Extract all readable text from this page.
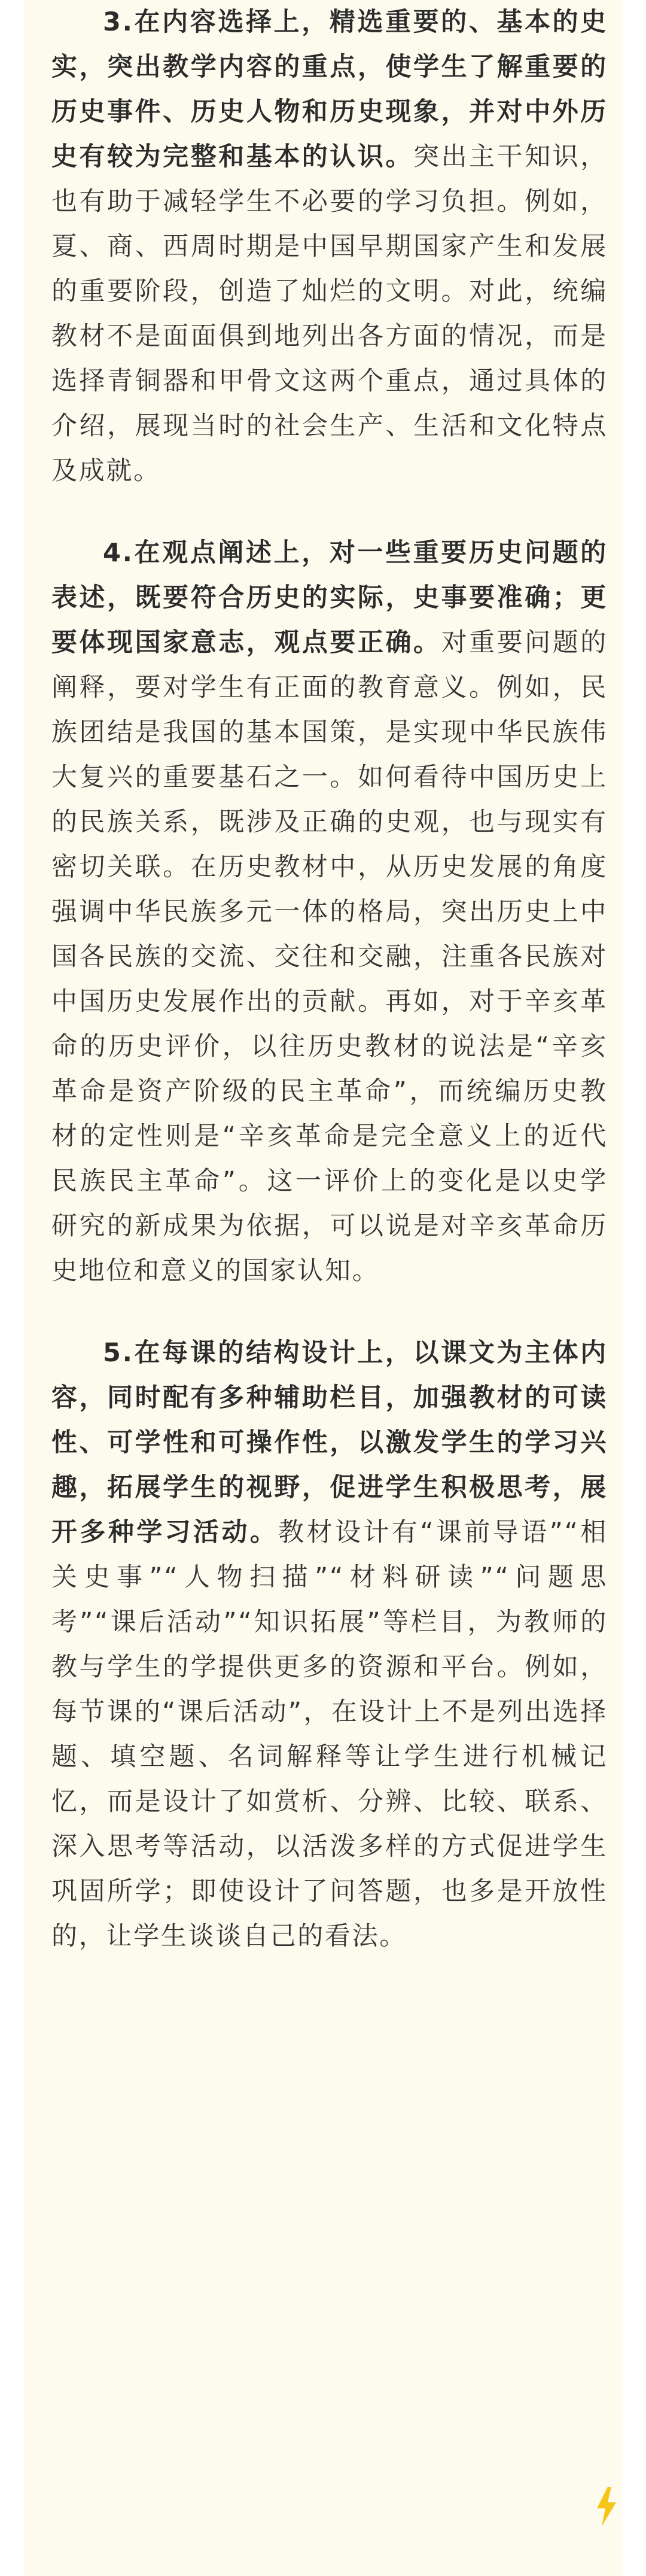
3.在内容选择上，精选重要的、基本的史实，突出教学内容的重点，使学生了解重要的历史事件、历史人物和历史现象，并对中外历史有较为完整和基本的认识。突出主干知识，也有助于减轻学生不必要的学习负担。例如，夏、商、西周时期是中国早期国家产生和发展的重要阶段，创造了灿烂的文明。对此，统编教材不是面面俱到地列出各方面的情况，而是选择青铜器和甲骨文这两个重点，通过具体的介绍，展现当时的社会生产、生活和文化特点及成就。

4.在观点阐述上，对一些重要历史问题的表述，既要符合历史的实际，史事要准确；更要体现国家意志，观点要正确。对重要问题的阐释，要对学生有正面的教育意义。例如，民族团结是我国的基本国策，是实现中华民族伟大复兴的重要基石之一。如何看待中国历史上的民族关系，既涉及正确的史观，也与现实有密切关联。在历史教材中，从历史发展的角度强调中华民族多元一体的格局，突出历史上中国各民族的交流、交往和交融，注重各民族对中国历史发展作出的贡献。再如，对于辛亥革命的历史评价，以往历史教材的说法是“辛亥革命是资产阶级的民主革命”，而统编历史教材的定性则是“辛亥革命是完全意义上的近代民族民主革命”。这一评价上的变化是以史学研究的新成果为依据，可以说是对辛亥革命历史地位和意义的国家认知。

5.在每课的结构设计上，以课文为主体内容，同时配有多种辅助栏目，加强教材的可读性、可学性和可操作性，以激发学生的学习兴趣，拓展学生的视野，促进学生积极思考，展开多种学习活动。教材设计有“课前导语”“相关史事”“人物扫描”“材料研读”“问题思考”“课后活动”“知识拓展”等栏目，为教师的教与学生的学提供更多的资源和平台。例如，每节课的“课后活动”，在设计上不是列出选择题、填空题、名词解释等让学生进行机械记忆，而是设计了如赏析、分辨、比较、联系、深入思考等活动，以活泼多样的方式促进学生巩固所学；即使设计了问答题，也多是开放性的，让学生谈谈自己的看法。
